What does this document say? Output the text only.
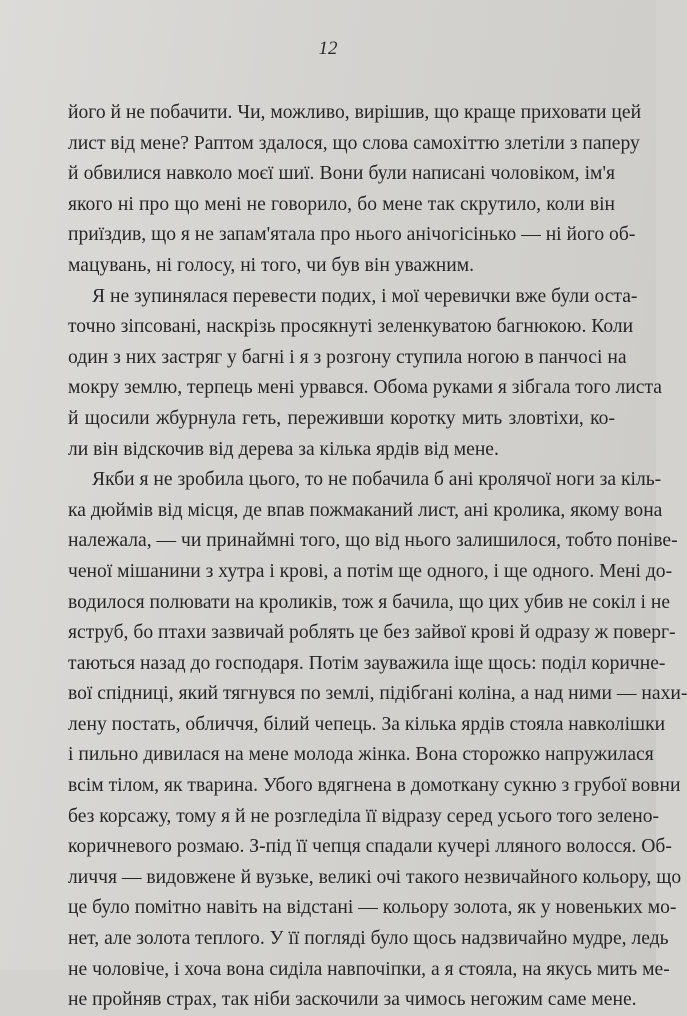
12
його й не побачити. Чи, можливо, вирішив, що краще приховати цей
лист від мене? Раптом здалося, що слова самохіттю злетіли з паперу
й обвилися навколо моєї шиї. Вони були написані чоловіком, ім'я
якого ні про що мені не говорило, бо мене так скрутило, коли він
приїздив, що я не запам'ятала про нього анічогісінько — ні його об-
мацувань, ні голосу, ні того, чи був він уважним.
Я не зупинялася перевести подих, і мої черевички вже були оста-
точно зіпсовані, наскрізь просякнуті зеленкуватою багнюкою. Коли
один з них застряг у багні і я з розгону ступила ногою в панчосі на
мокру землю, терпець мені урвався. Обома руками я зібгала того листа
й щосили жбурнула геть, переживши коротку мить зловтіхи, ко-
ли він відскочив від дерева за кілька ярдів від мене.
Якби я не зробила цього, то не побачила б ані кролячої ноги за кіль-
ка дюймів від місця, де впав пожмаканий лист, ані кролика, якому вона
належала, — чи принаймні того, що від нього залишилося, тобто поніве-
ченої мішанини з хутра і крові, а потім ще одного, і ще одного. Мені до-
водилося полювати на кроликів, тож я бачила, що цих убив не сокіл і не
яструб, бо птахи зазвичай роблять це без зайвої крові й одразу ж поверг-
таються назад до господаря. Потім зауважила іще щось: поділ коричне-
вої спідниці, який тягнувся по землі, підібгані коліна, а над ними — нахи-
лену постать, обличчя, білий чепець. За кілька ярдів стояла навколішки
і пильно дивилася на мене молода жінка. Вона сторожко напружилася
всім тілом, як тварина. Убого вдягнена в домоткану сукню з грубої вовни
без корсажу, тому я й не розгледіла її відразу серед усього того зелено-
коричневого розмаю. З-під її чепця спадали кучері лляного волосся. Об-
личчя — видовжене й вузьке, великі очі такого незвичайного кольору, що
це було помітно навіть на відстані — кольору золота, як у новеньких мо-
нет, але золота теплого. У її погляді було щось надзвичайно мудре, ледь
не чоловіче, і хоча вона сиділа навпочіпки, а я стояла, на якусь мить ме-
не пройняв страх, так ніби заскочили за чимось негожим саме мене.
